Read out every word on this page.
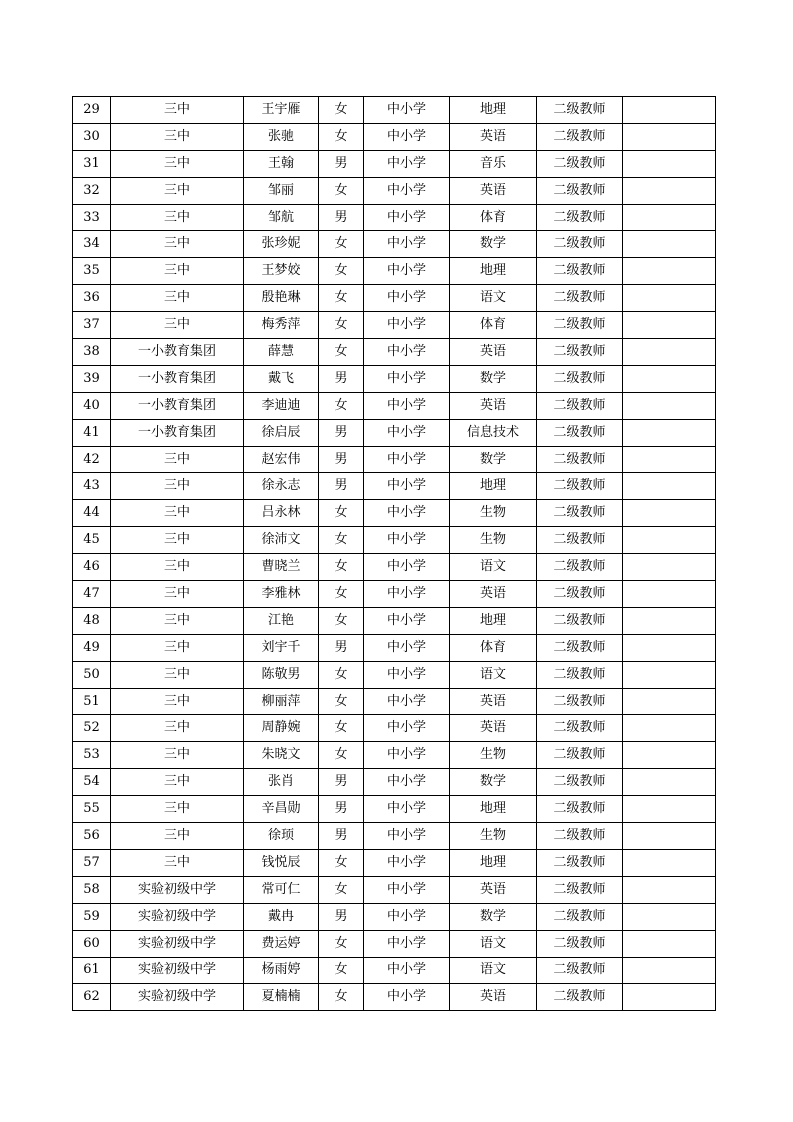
29	三中	王宇雁	女	中小学	地理	二级教师	
30	三中	张驰	女	中小学	英语	二级教师	
31	三中	王翰	男	中小学	音乐	二级教师	
32	三中	邹丽	女	中小学	英语	二级教师	
33	三中	邹航	男	中小学	体育	二级教师	
34	三中	张珍妮	女	中小学	数学	二级教师	
35	三中	王梦姣	女	中小学	地理	二级教师	
36	三中	殷艳琳	女	中小学	语文	二级教师	
37	三中	梅秀萍	女	中小学	体育	二级教师	
38	一小教育集团	薛慧	女	中小学	英语	二级教师	
39	一小教育集团	戴飞	男	中小学	数学	二级教师	
40	一小教育集团	李迪迪	女	中小学	英语	二级教师	
41	一小教育集团	徐启辰	男	中小学	信息技术	二级教师	
42	三中	赵宏伟	男	中小学	数学	二级教师	
43	三中	徐永志	男	中小学	地理	二级教师	
44	三中	吕永林	女	中小学	生物	二级教师	
45	三中	徐沛文	女	中小学	生物	二级教师	
46	三中	曹晓兰	女	中小学	语文	二级教师	
47	三中	李雅林	女	中小学	英语	二级教师	
48	三中	江艳	女	中小学	地理	二级教师	
49	三中	刘宇千	男	中小学	体育	二级教师	
50	三中	陈敬男	女	中小学	语文	二级教师	
51	三中	柳丽萍	女	中小学	英语	二级教师	
52	三中	周静婉	女	中小学	英语	二级教师	
53	三中	朱晓文	女	中小学	生物	二级教师	
54	三中	张肖	男	中小学	数学	二级教师	
55	三中	辛昌勋	男	中小学	地理	二级教师	
56	三中	徐顼	男	中小学	生物	二级教师	
57	三中	钱悦辰	女	中小学	地理	二级教师	
58	实验初级中学	常可仁	女	中小学	英语	二级教师	
59	实验初级中学	戴冉	男	中小学	数学	二级教师	
60	实验初级中学	费运婷	女	中小学	语文	二级教师	
61	实验初级中学	杨雨婷	女	中小学	语文	二级教师	
62	实验初级中学	夏楠楠	女	中小学	英语	二级教师	
